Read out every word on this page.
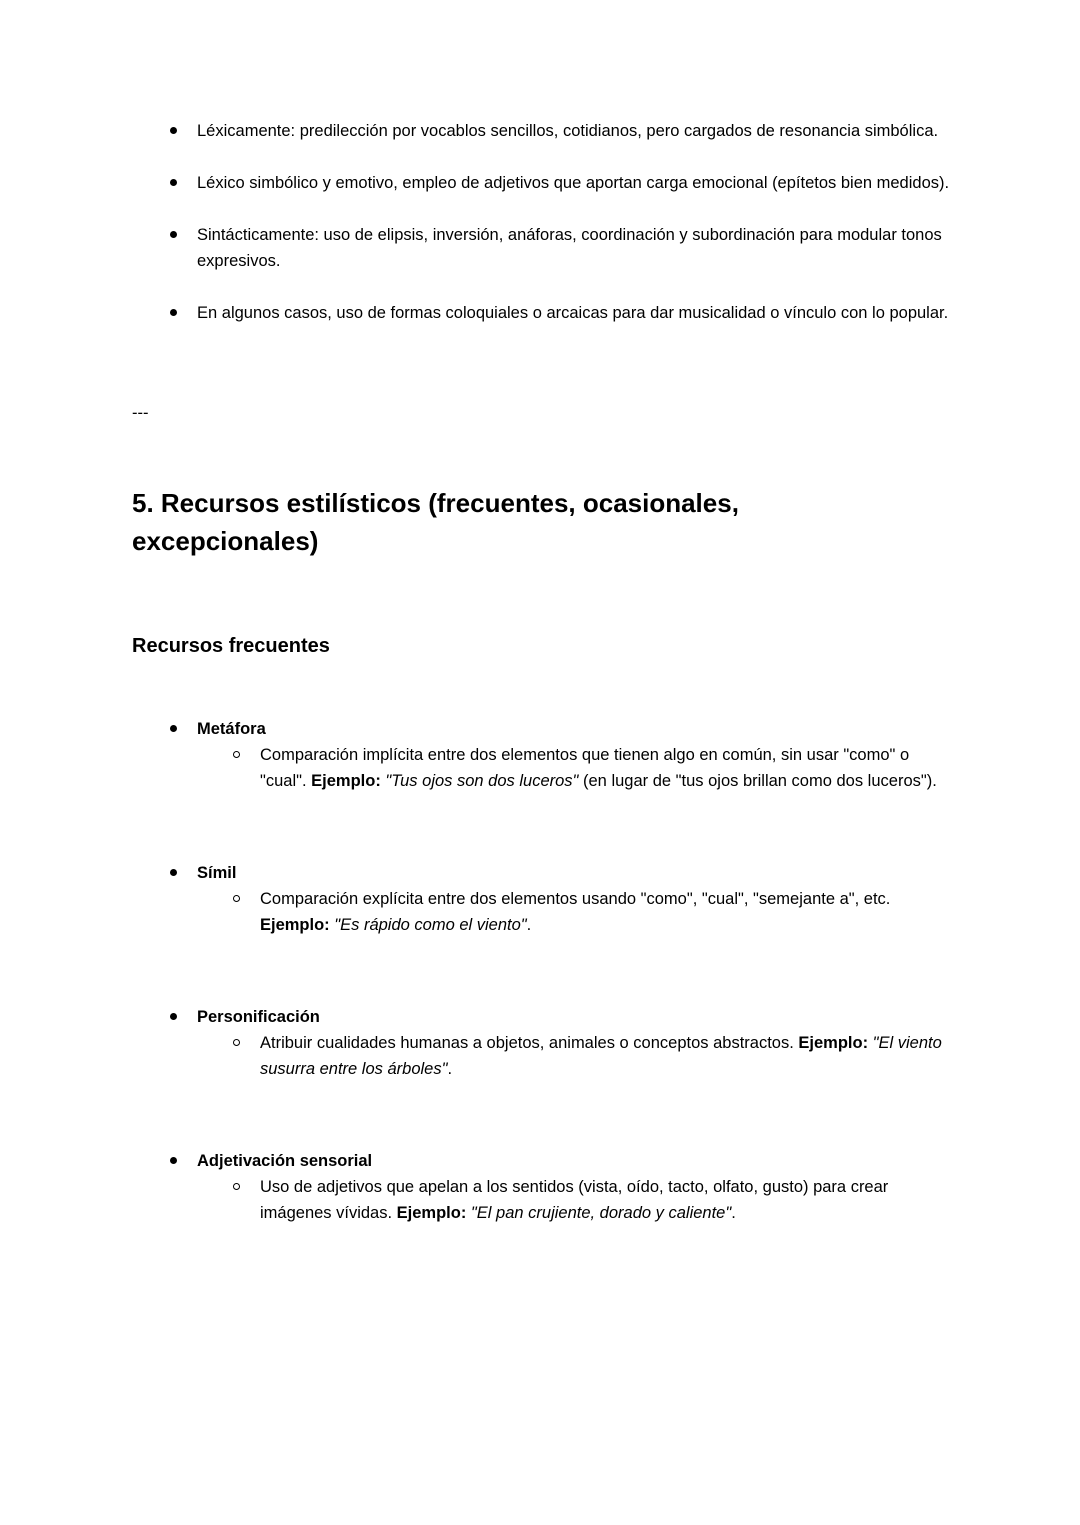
Léxicamente: predilección por vocablos sencillos, cotidianos, pero cargados de resonancia simbólica.
Léxico simbólico y emotivo, empleo de adjetivos que aportan carga emocional (epítetos bien medidos).
Sintácticamente: uso de elipsis, inversión, anáforas, coordinación y subordinación para modular tonos expresivos.
En algunos casos, uso de formas coloquiales o arcaicas para dar musicalidad o vínculo con lo popular.

---

5. Recursos estilísticos (frecuentes, ocasionales, excepcionales)
Recursos frecuentes
Metáfora
Comparación implícita entre dos elementos que tienen algo en común, sin usar "como" o "cual". Ejemplo: "Tus ojos son dos luceros" (en lugar de "tus ojos brillan como dos luceros").
Símil
Comparación explícita entre dos elementos usando "como", "cual", "semejante a", etc. Ejemplo: "Es rápido como el viento".
Personificación
Atribuir cualidades humanas a objetos, animales o conceptos abstractos. Ejemplo: "El viento susurra entre los árboles".
Adjetivación sensorial
Uso de adjetivos que apelan a los sentidos (vista, oído, tacto, olfato, gusto) para crear imágenes vívidas. Ejemplo: "El pan crujiente, dorado y caliente".
